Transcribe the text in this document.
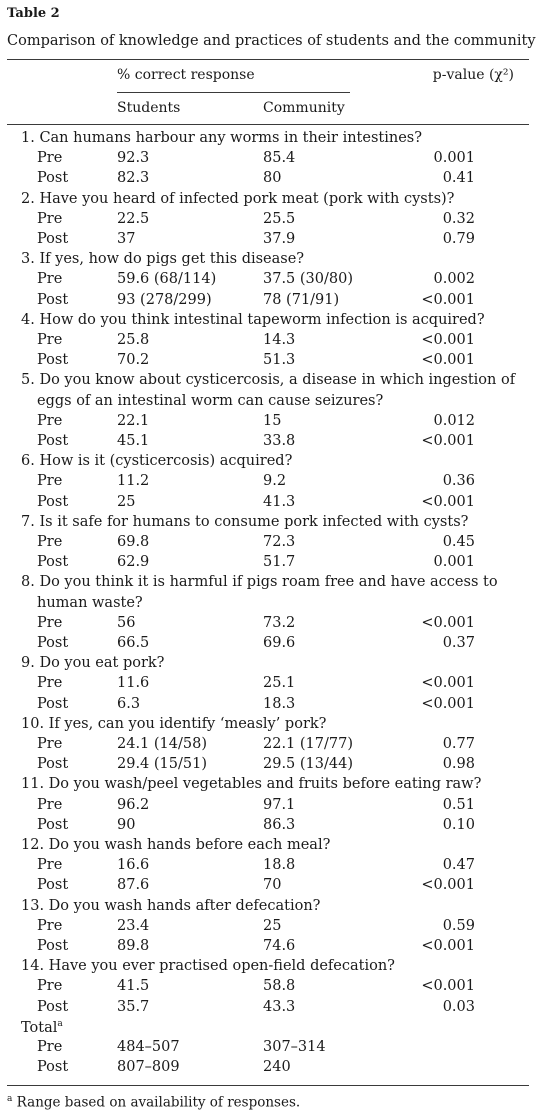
Table 2
Comparison of knowledge and practices of students and the community
% correct response	p-value (χ²)
Students	Community
1. Can humans harbour any worms in their intestines?
Pre	92.3	85.4	0.001
Post	82.3	80	0.41
2. Have you heard of infected pork meat (pork with cysts)?
Pre	22.5	25.5	0.32
Post	37	37.9	0.79
3. If yes, how do pigs get this disease?
Pre	59.6 (68/114)	37.5 (30/80)	0.002
Post	93 (278/299)	78 (71/91)	<0.001
4. How do you think intestinal tapeworm infection is acquired?
Pre	25.8	14.3	<0.001
Post	70.2	51.3	<0.001
5. Do you know about cysticercosis, a disease in which ingestion of
eggs of an intestinal worm can cause seizures?
Pre	22.1	15	0.012
Post	45.1	33.8	<0.001
6. How is it (cysticercosis) acquired?
Pre	11.2	9.2	0.36
Post	25	41.3	<0.001
7. Is it safe for humans to consume pork infected with cysts?
Pre	69.8	72.3	0.45
Post	62.9	51.7	0.001
8. Do you think it is harmful if pigs roam free and have access to
human waste?
Pre	56	73.2	<0.001
Post	66.5	69.6	0.37
9. Do you eat pork?
Pre	11.6	25.1	<0.001
Post	6.3	18.3	<0.001
10. If yes, can you identify ‘measly’ pork?
Pre	24.1 (14/58)	22.1 (17/77)	0.77
Post	29.4 (15/51)	29.5 (13/44)	0.98
11. Do you wash/peel vegetables and fruits before eating raw?
Pre	96.2	97.1	0.51
Post	90	86.3	0.10
12. Do you wash hands before each meal?
Pre	16.6	18.8	0.47
Post	87.6	70	<0.001
13. Do you wash hands after defecation?
Pre	23.4	25	0.59
Post	89.8	74.6	<0.001
14. Have you ever practised open-field defecation?
Pre	41.5	58.8	<0.001
Post	35.7	43.3	0.03
Total$^a$
Pre	484–507	307–314
Post	807–809	240
$^a$ Range based on availability of responses.
